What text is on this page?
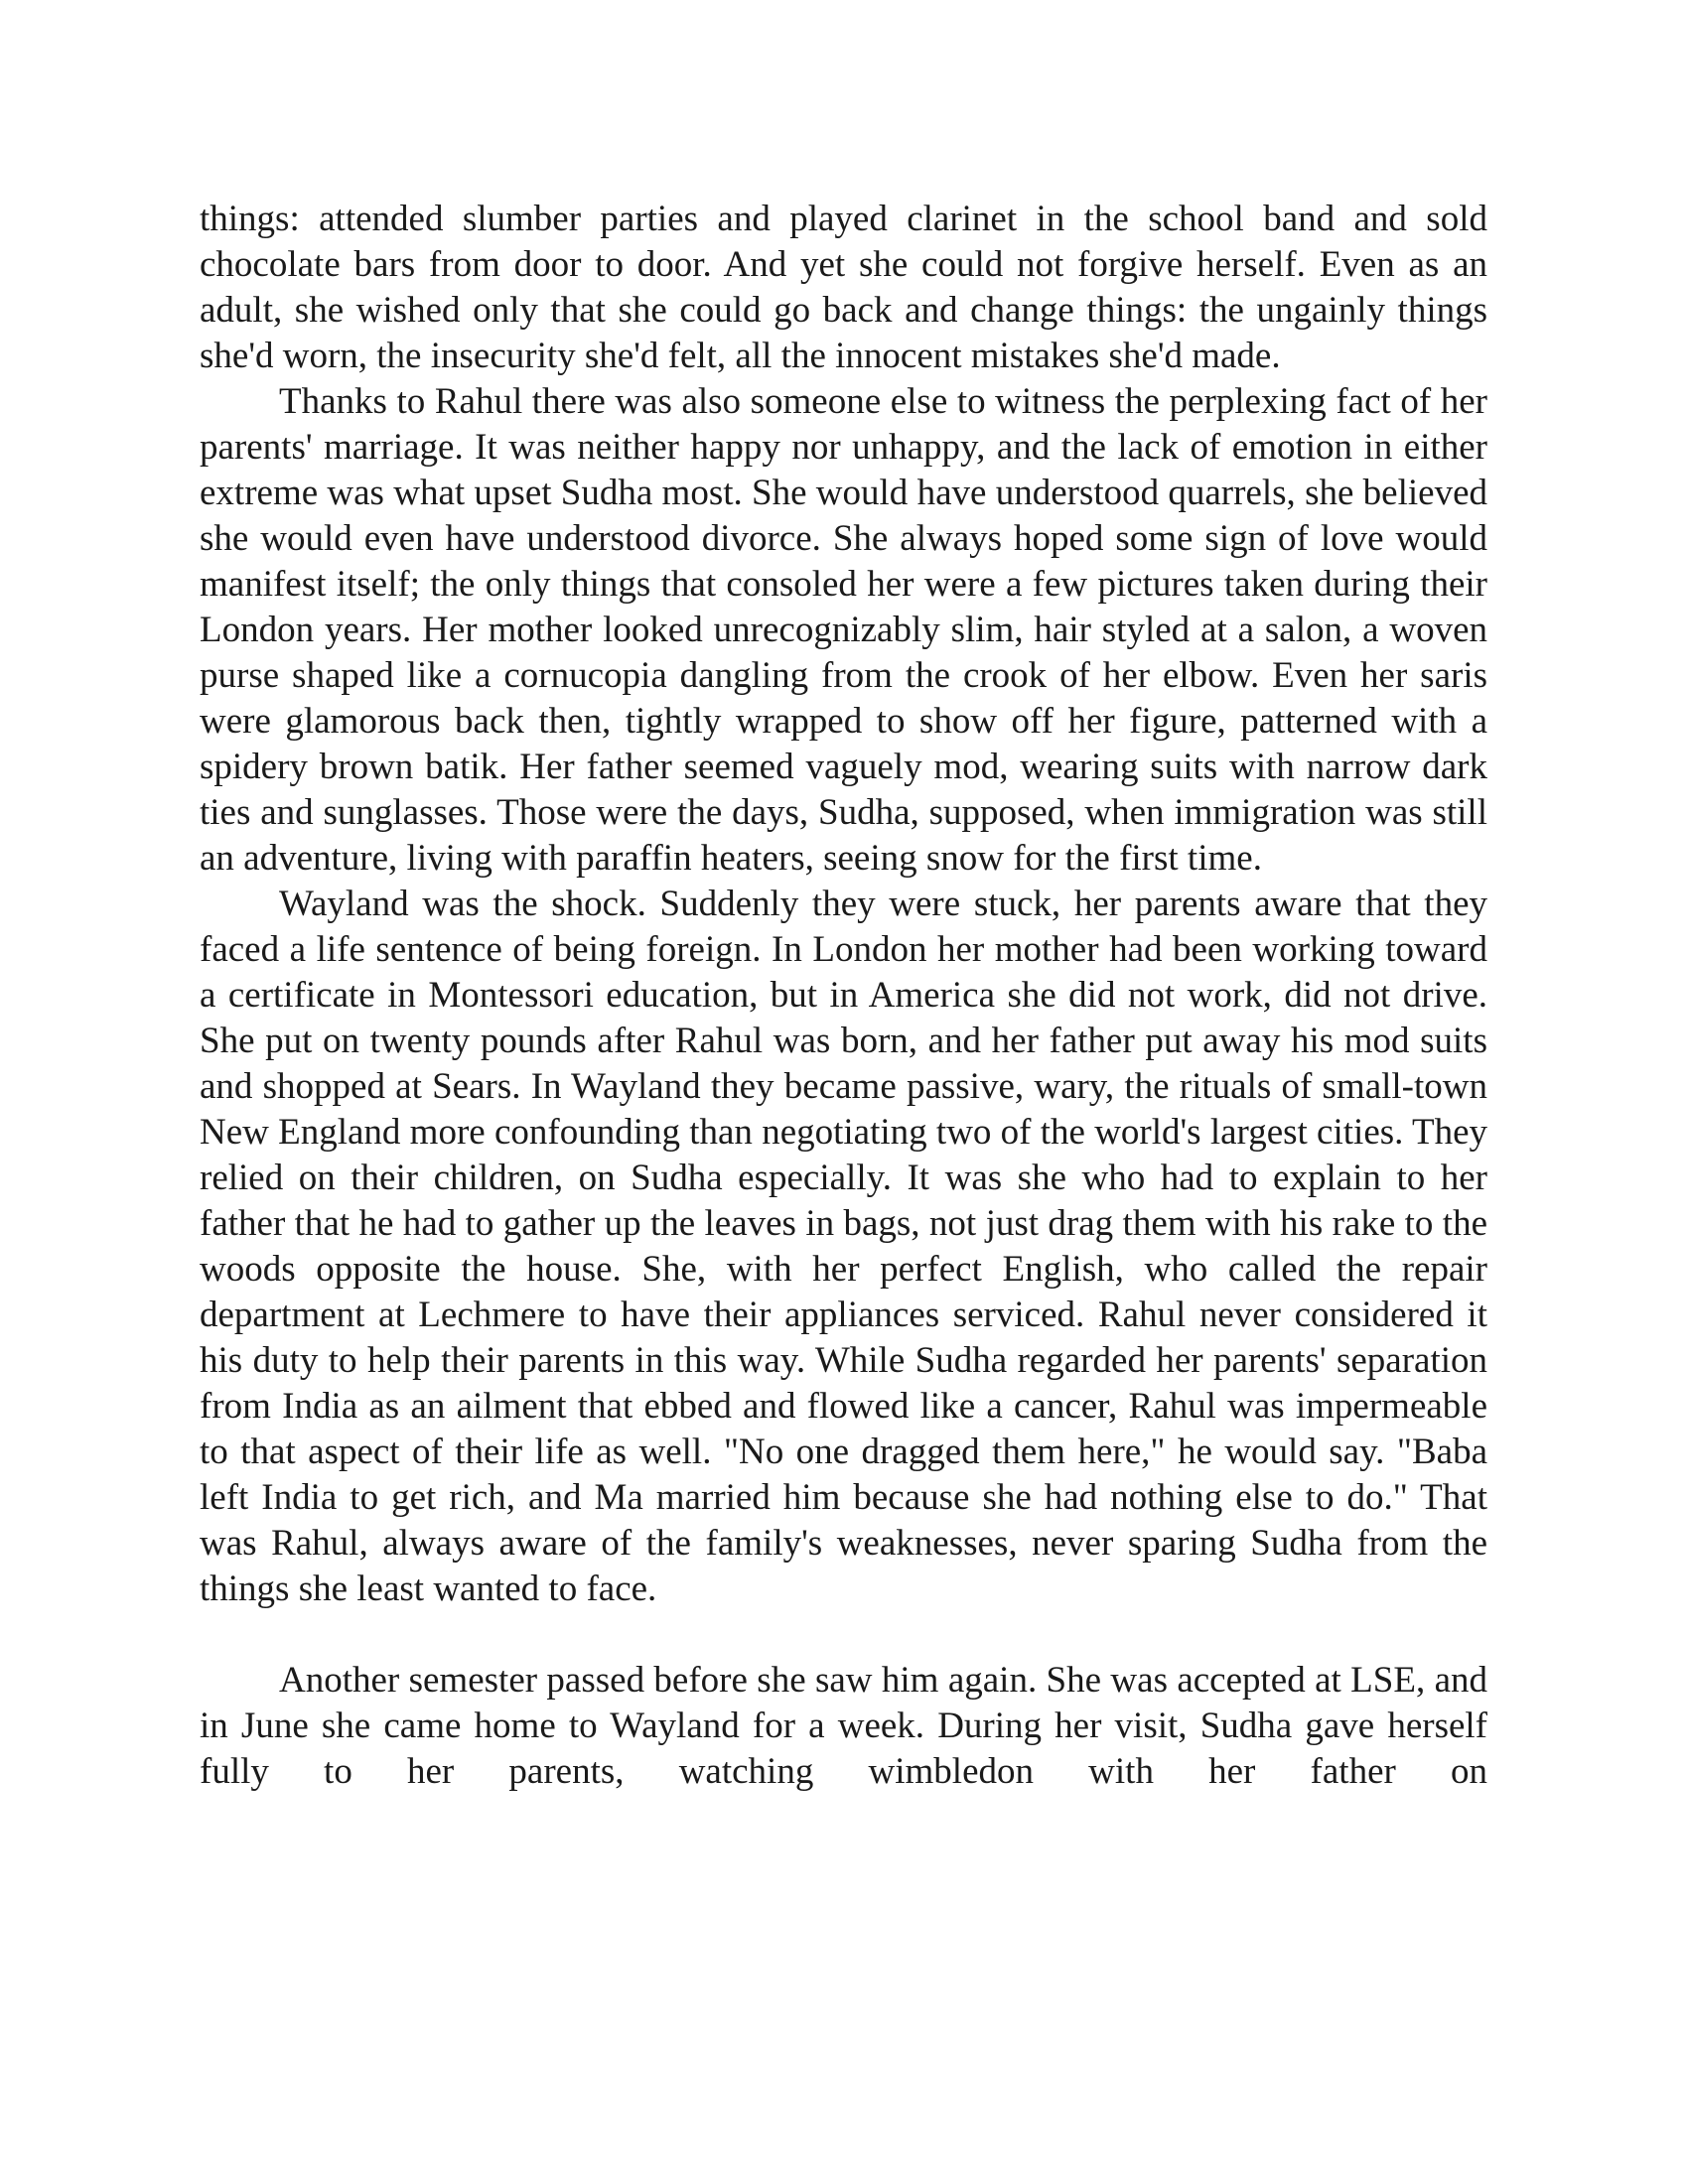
things: attended slumber parties and played clarinet in the school band and sold chocolate bars from door to door. And yet she could not forgive herself. Even as an adult, she wished only that she could go back and change things: the ungainly things she'd worn, the insecurity she'd felt, all the innocent mistakes she'd made.

Thanks to Rahul there was also someone else to witness the perplexing fact of her parents' marriage. It was neither happy nor unhappy, and the lack of emotion in either extreme was what upset Sudha most. She would have understood quarrels, she believed she would even have understood divorce. She always hoped some sign of love would manifest itself; the only things that consoled her were a few pictures taken during their London years. Her mother looked unrecognizably slim, hair styled at a salon, a woven purse shaped like a cornucopia dangling from the crook of her elbow. Even her saris were glamorous back then, tightly wrapped to show off her figure, patterned with a spidery brown batik. Her father seemed vaguely mod, wearing suits with narrow dark ties and sunglasses. Those were the days, Sudha, supposed, when immigration was still an adventure, living with paraffin heaters, seeing snow for the first time.

Wayland was the shock. Suddenly they were stuck, her parents aware that they faced a life sentence of being foreign. In London her mother had been working toward a certificate in Montessori education, but in America she did not work, did not drive. She put on twenty pounds after Rahul was born, and her father put away his mod suits and shopped at Sears. In Wayland they became passive, wary, the rituals of small-town New England more confounding than negotiating two of the world's largest cities. They relied on their children, on Sudha especially. It was she who had to explain to her father that he had to gather up the leaves in bags, not just drag them with his rake to the woods opposite the house. She, with her perfect English, who called the repair department at Lechmere to have their appliances serviced. Rahul never considered it his duty to help their parents in this way. While Sudha regarded her parents' separation from India as an ailment that ebbed and flowed like a cancer, Rahul was impermeable to that aspect of their life as well. "No one dragged them here," he would say. "Baba left India to get rich, and Ma married him because she had nothing else to do." That was Rahul, always aware of the family's weaknesses, never sparing Sudha from the things she least wanted to face.

Another semester passed before she saw him again. She was accepted at LSE, and in June she came home to Wayland for a week. During her visit, Sudha gave herself fully to her parents, watching wimbledon with her father on
